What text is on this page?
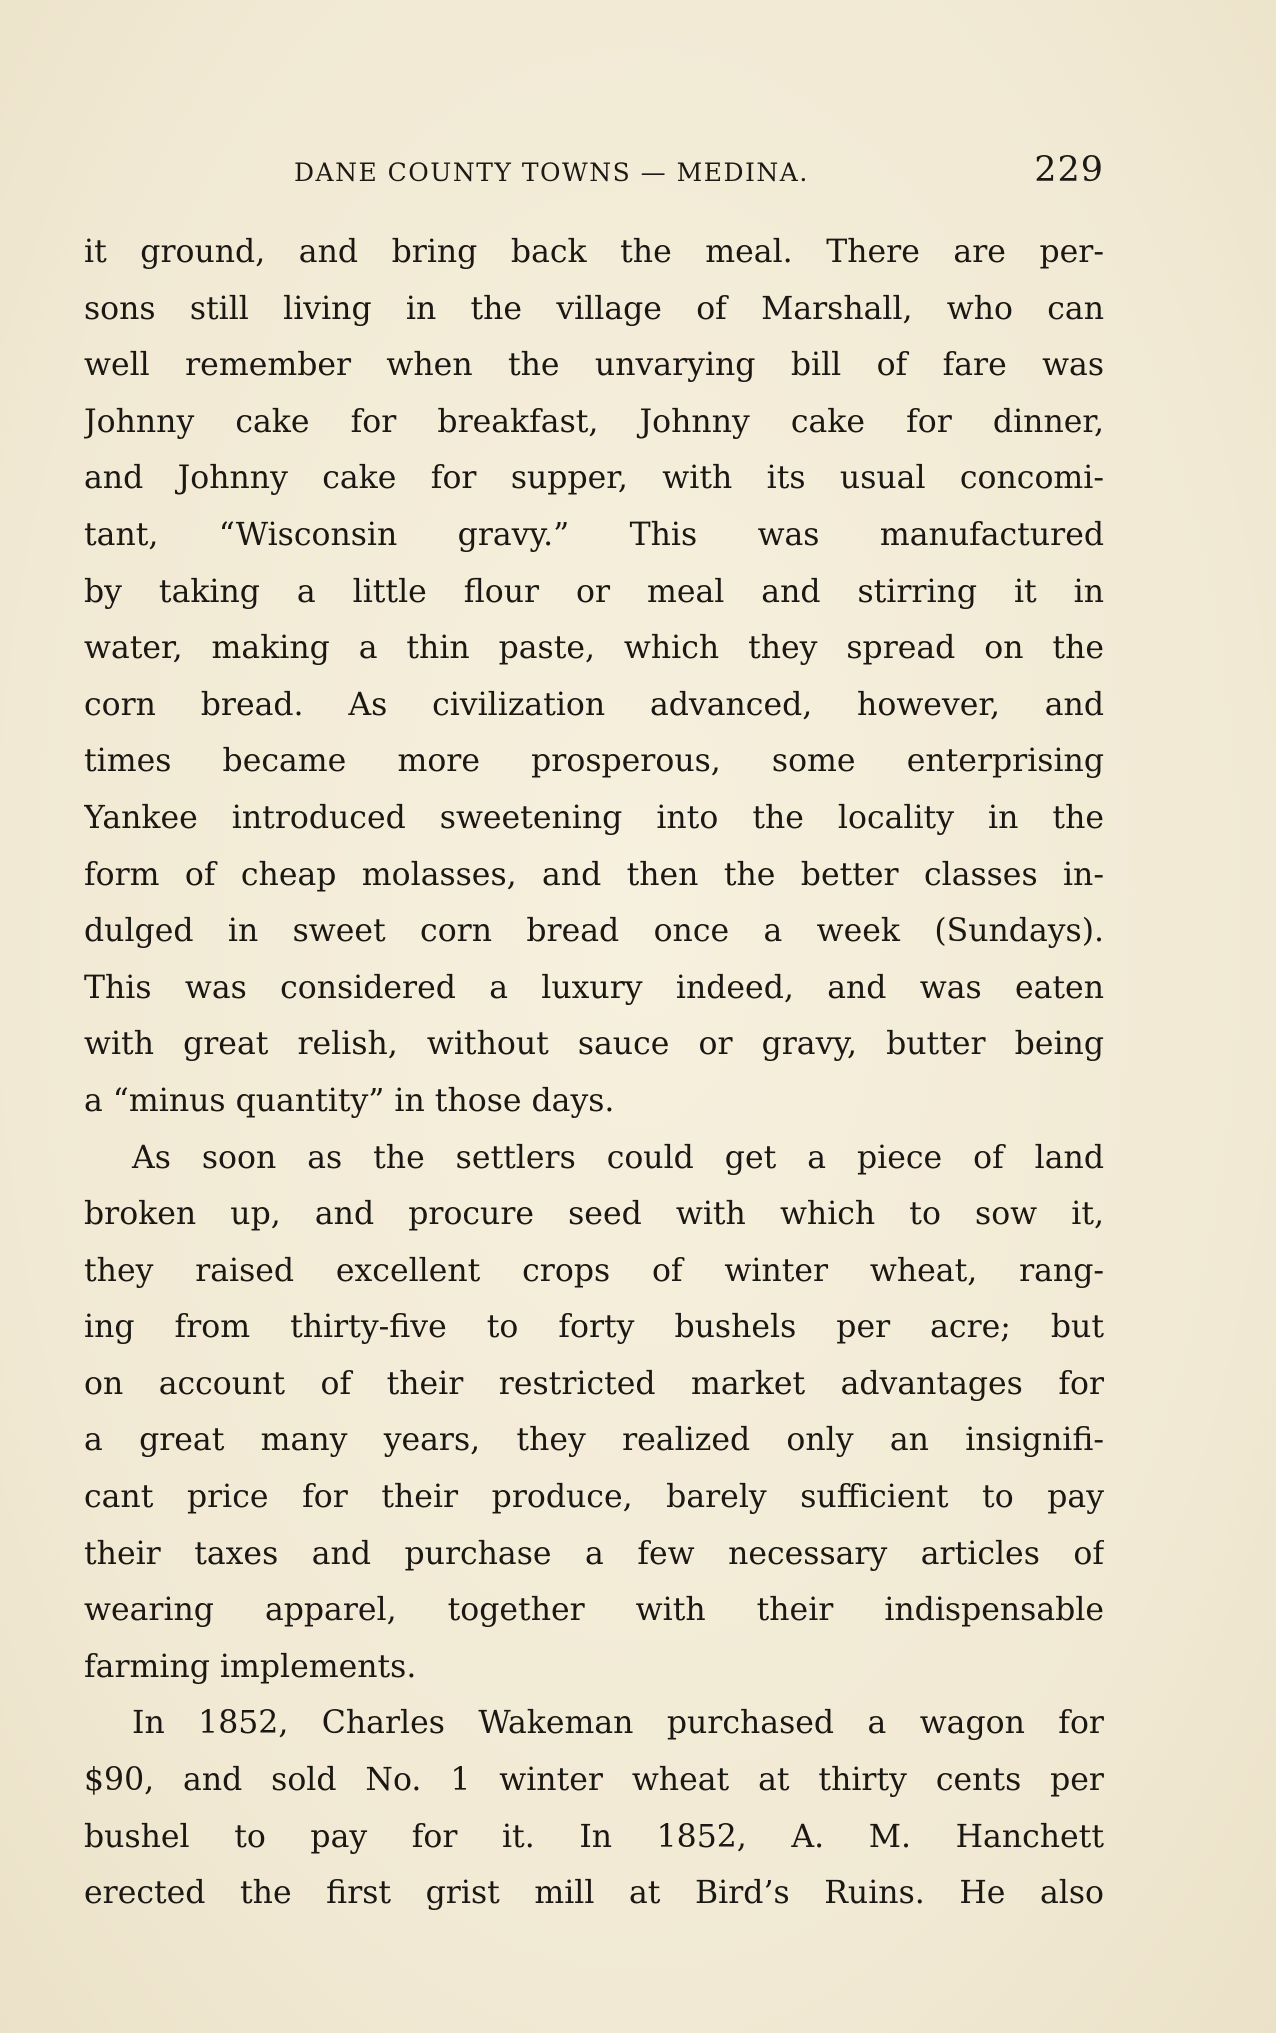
DANE COUNTY TOWNS — MEDINA.	229
it ground, and bring back the meal. There are per-
sons still living in the village of Marshall, who can
well remember when the unvarying bill of fare was
Johnny cake for breakfast, Johnny cake for dinner,
and Johnny cake for supper, with its usual concomi-
tant, “Wisconsin gravy.” This was manufactured
by taking a little flour or meal and stirring it in
water, making a thin paste, which they spread on the
corn bread. As civilization advanced, however, and
times became more prosperous, some enterprising
Yankee introduced sweetening into the locality in the
form of cheap molasses, and then the better classes in-
dulged in sweet corn bread once a week (Sundays).
This was considered a luxury indeed, and was eaten
with great relish, without sauce or gravy, butter being
a “minus quantity” in those days.
As soon as the settlers could get a piece of land
broken up, and procure seed with which to sow it,
they raised excellent crops of winter wheat, rang-
ing from thirty-five to forty bushels per acre; but
on account of their restricted market advantages for
a great many years, they realized only an insignifi-
cant price for their produce, barely sufficient to pay
their taxes and purchase a few necessary articles of
wearing apparel, together with their indispensable
farming implements.
In 1852, Charles Wakeman purchased a wagon for
$90, and sold No. 1 winter wheat at thirty cents per
bushel to pay for it. In 1852, A. M. Hanchett
erected the first grist mill at Bird’s Ruins. He also
